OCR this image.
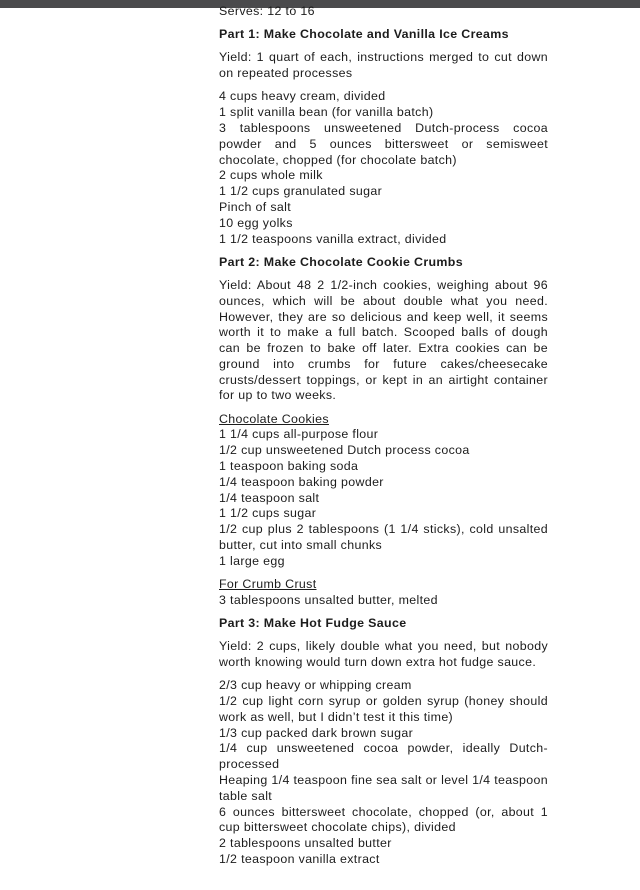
Serves: 12 to 16

Part 1: Make Chocolate and Vanilla Ice Creams

Yield: 1 quart of each, instructions merged to cut down on repeated processes

4 cups heavy cream, divided

1 split vanilla bean (for vanilla batch)

3 tablespoons unsweetened Dutch-process cocoa powder and 5 ounces bittersweet or semisweet chocolate, chopped (for chocolate batch)

2 cups whole milk

1 1/2 cups granulated sugar

Pinch of salt

10 egg yolks

1 1/2 teaspoons vanilla extract, divided

Part 2: Make Chocolate Cookie Crumbs

Yield: About 48 2 1/2-inch cookies, weighing about 96 ounces, which will be about double what you need. However, they are so delicious and keep well, it seems worth it to make a full batch. Scooped balls of dough can be frozen to bake off later. Extra cookies can be ground into crumbs for future cakes/cheesecake crusts/dessert toppings, or kept in an airtight container for up to two weeks.

Chocolate Cookies

1 1/4 cups all-purpose flour

1/2 cup unsweetened Dutch process cocoa

1 teaspoon baking soda

1/4 teaspoon baking powder

1/4 teaspoon salt

1 1/2 cups sugar

1/2 cup plus 2 tablespoons (1 1/4 sticks), cold unsalted butter, cut into small chunks

1 large egg

For Crumb Crust

3 tablespoons unsalted butter, melted

Part 3: Make Hot Fudge Sauce

Yield: 2 cups, likely double what you need, but nobody worth knowing would turn down extra hot fudge sauce.

2/3 cup heavy or whipping cream

1/2 cup light corn syrup or golden syrup (honey should work as well, but I didn’t test it this time)

1/3 cup packed dark brown sugar

1/4 cup unsweetened cocoa powder, ideally Dutch-processed

Heaping 1/4 teaspoon fine sea salt or level 1/4 teaspoon table salt

6 ounces bittersweet chocolate, chopped (or, about 1 cup bittersweet chocolate chips), divided

2 tablespoons unsalted butter

1/2 teaspoon vanilla extract
